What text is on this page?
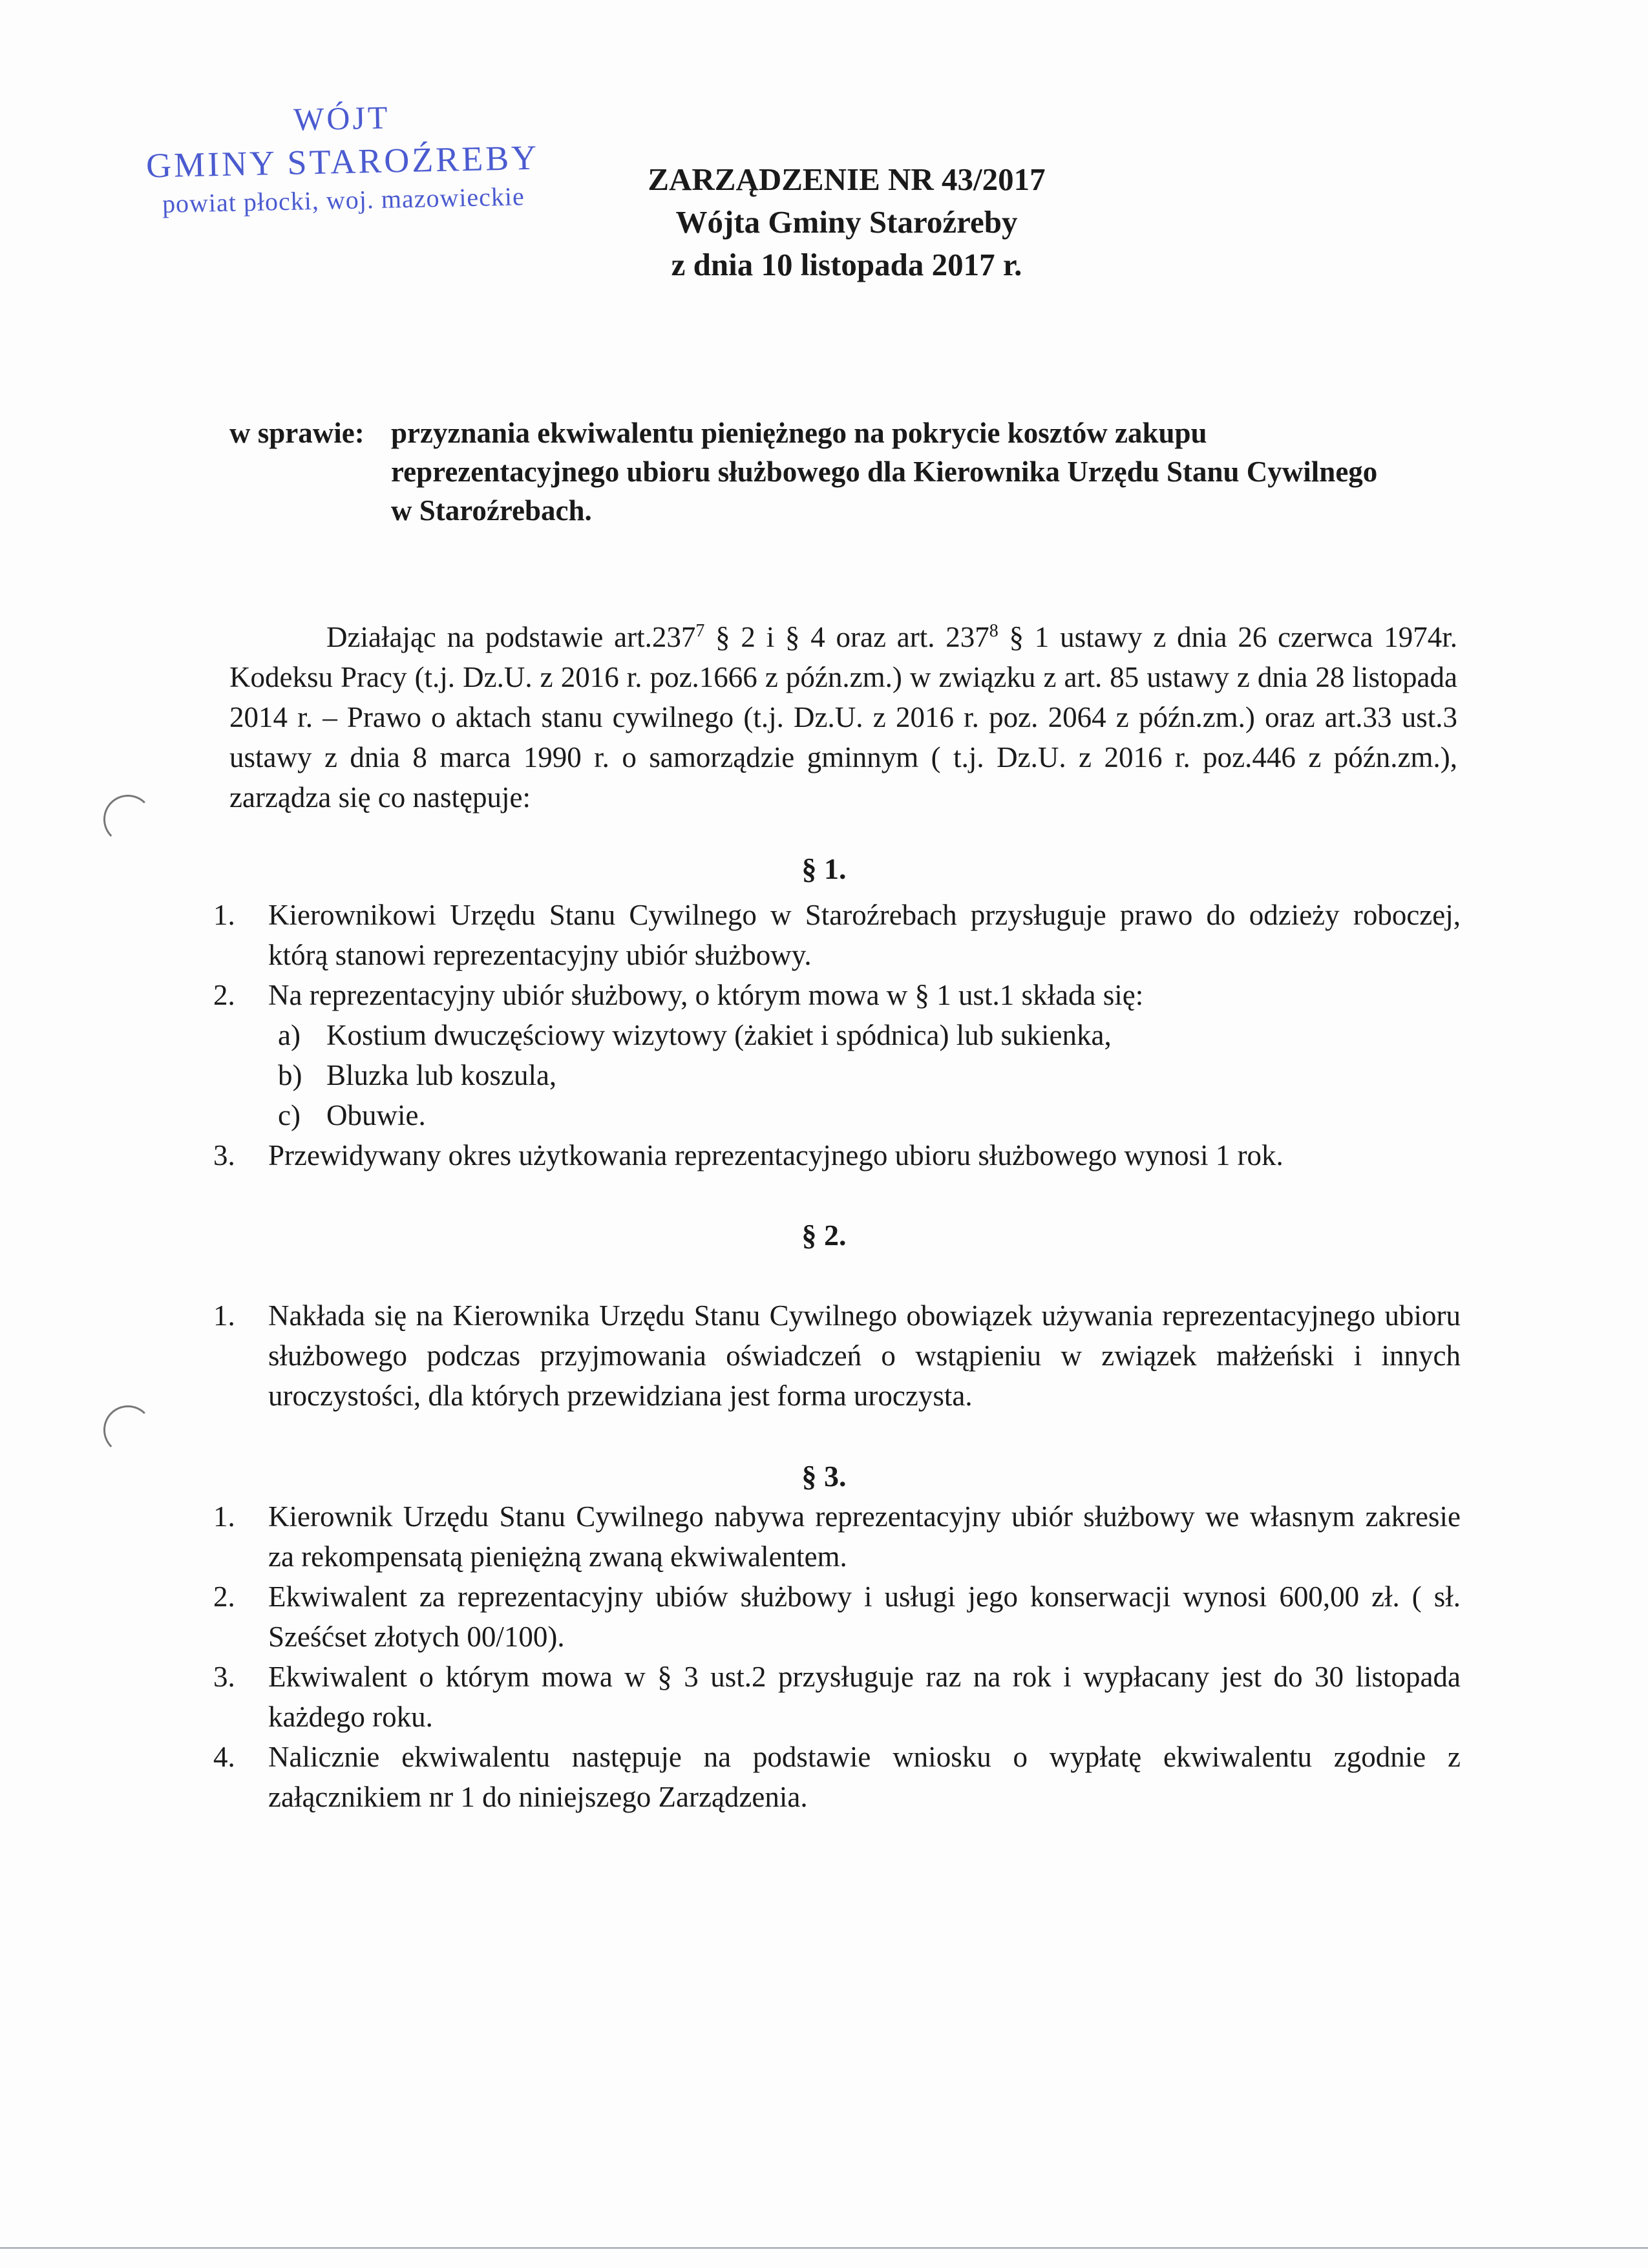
WÓJT
GMINY STAROŹREBY
powiat płocki, woj. mazowieckie
ZARZĄDZENIE NR 43/2017
Wójta Gminy Staroźreby
z dnia 10 listopada 2017 r.
w sprawie: przyznania ekwiwalentu pieniężnego na pokrycie kosztów zakupu reprezentacyjnego ubioru służbowego dla Kierownika Urzędu Stanu Cywilnego w Staroźrebach.
Działając na podstawie art.237$^7$ § 2 i § 4 oraz art. $237^8$ § 1 ustawy z dnia 26 czerwca 1974r. Kodeksu Pracy (t.j. Dz.U. z 2016 r. poz.1666 z późn.zm.) w związku z art. 85 ustawy z dnia 28 listopada 2014 r. – Prawo o aktach stanu cywilnego (t.j. Dz.U. z 2016 r. poz. 2064 z późn.zm.) oraz art.33 ust.3 ustawy z dnia 8 marca 1990 r. o samorządzie gminnym ( t.j. Dz.U. z 2016 r. poz.446 z późn.zm.), zarządza się co następuje:
§ 1.
1. Kierownikowi Urzędu Stanu Cywilnego w Staroźrebach przysługuje prawo do odzieży roboczej, którą stanowi reprezentacyjny ubiór służbowy.
2. Na reprezentacyjny ubiór służbowy, o którym mowa w § 1 ust.1 składa się:
a) Kostium dwuczęściowy wizytowy (żakiet i spódnica) lub sukienka,
b) Bluzka lub koszula,
c) Obuwie.
3. Przewidywany okres użytkowania reprezentacyjnego ubioru służbowego wynosi 1 rok.
§ 2.
1. Nakłada się na Kierownika Urzędu Stanu Cywilnego obowiązek używania reprezentacyjnego ubioru służbowego podczas przyjmowania oświadczeń o wstąpieniu w związek małżeński i innych uroczystości, dla których przewidziana jest forma uroczysta.
§ 3.
1. Kierownik Urzędu Stanu Cywilnego nabywa reprezentacyjny ubiór służbowy we własnym zakresie za rekompensatą pieniężną zwaną ekwiwalentem.
2. Ekwiwalent za reprezentacyjny ubiów służbowy i usługi jego konserwacji wynosi 600,00 zł. ( sł. Sześćset złotych 00/100).
3. Ekwiwalent o którym mowa w § 3 ust.2 przysługuje raz na rok i wypłacany jest do 30 listopada każdego roku.
4. Nalicznie ekwiwalentu następuje na podstawie wniosku o wypłatę ekwiwalentu zgodnie z załącznikiem nr 1 do niniejszego Zarządzenia.
